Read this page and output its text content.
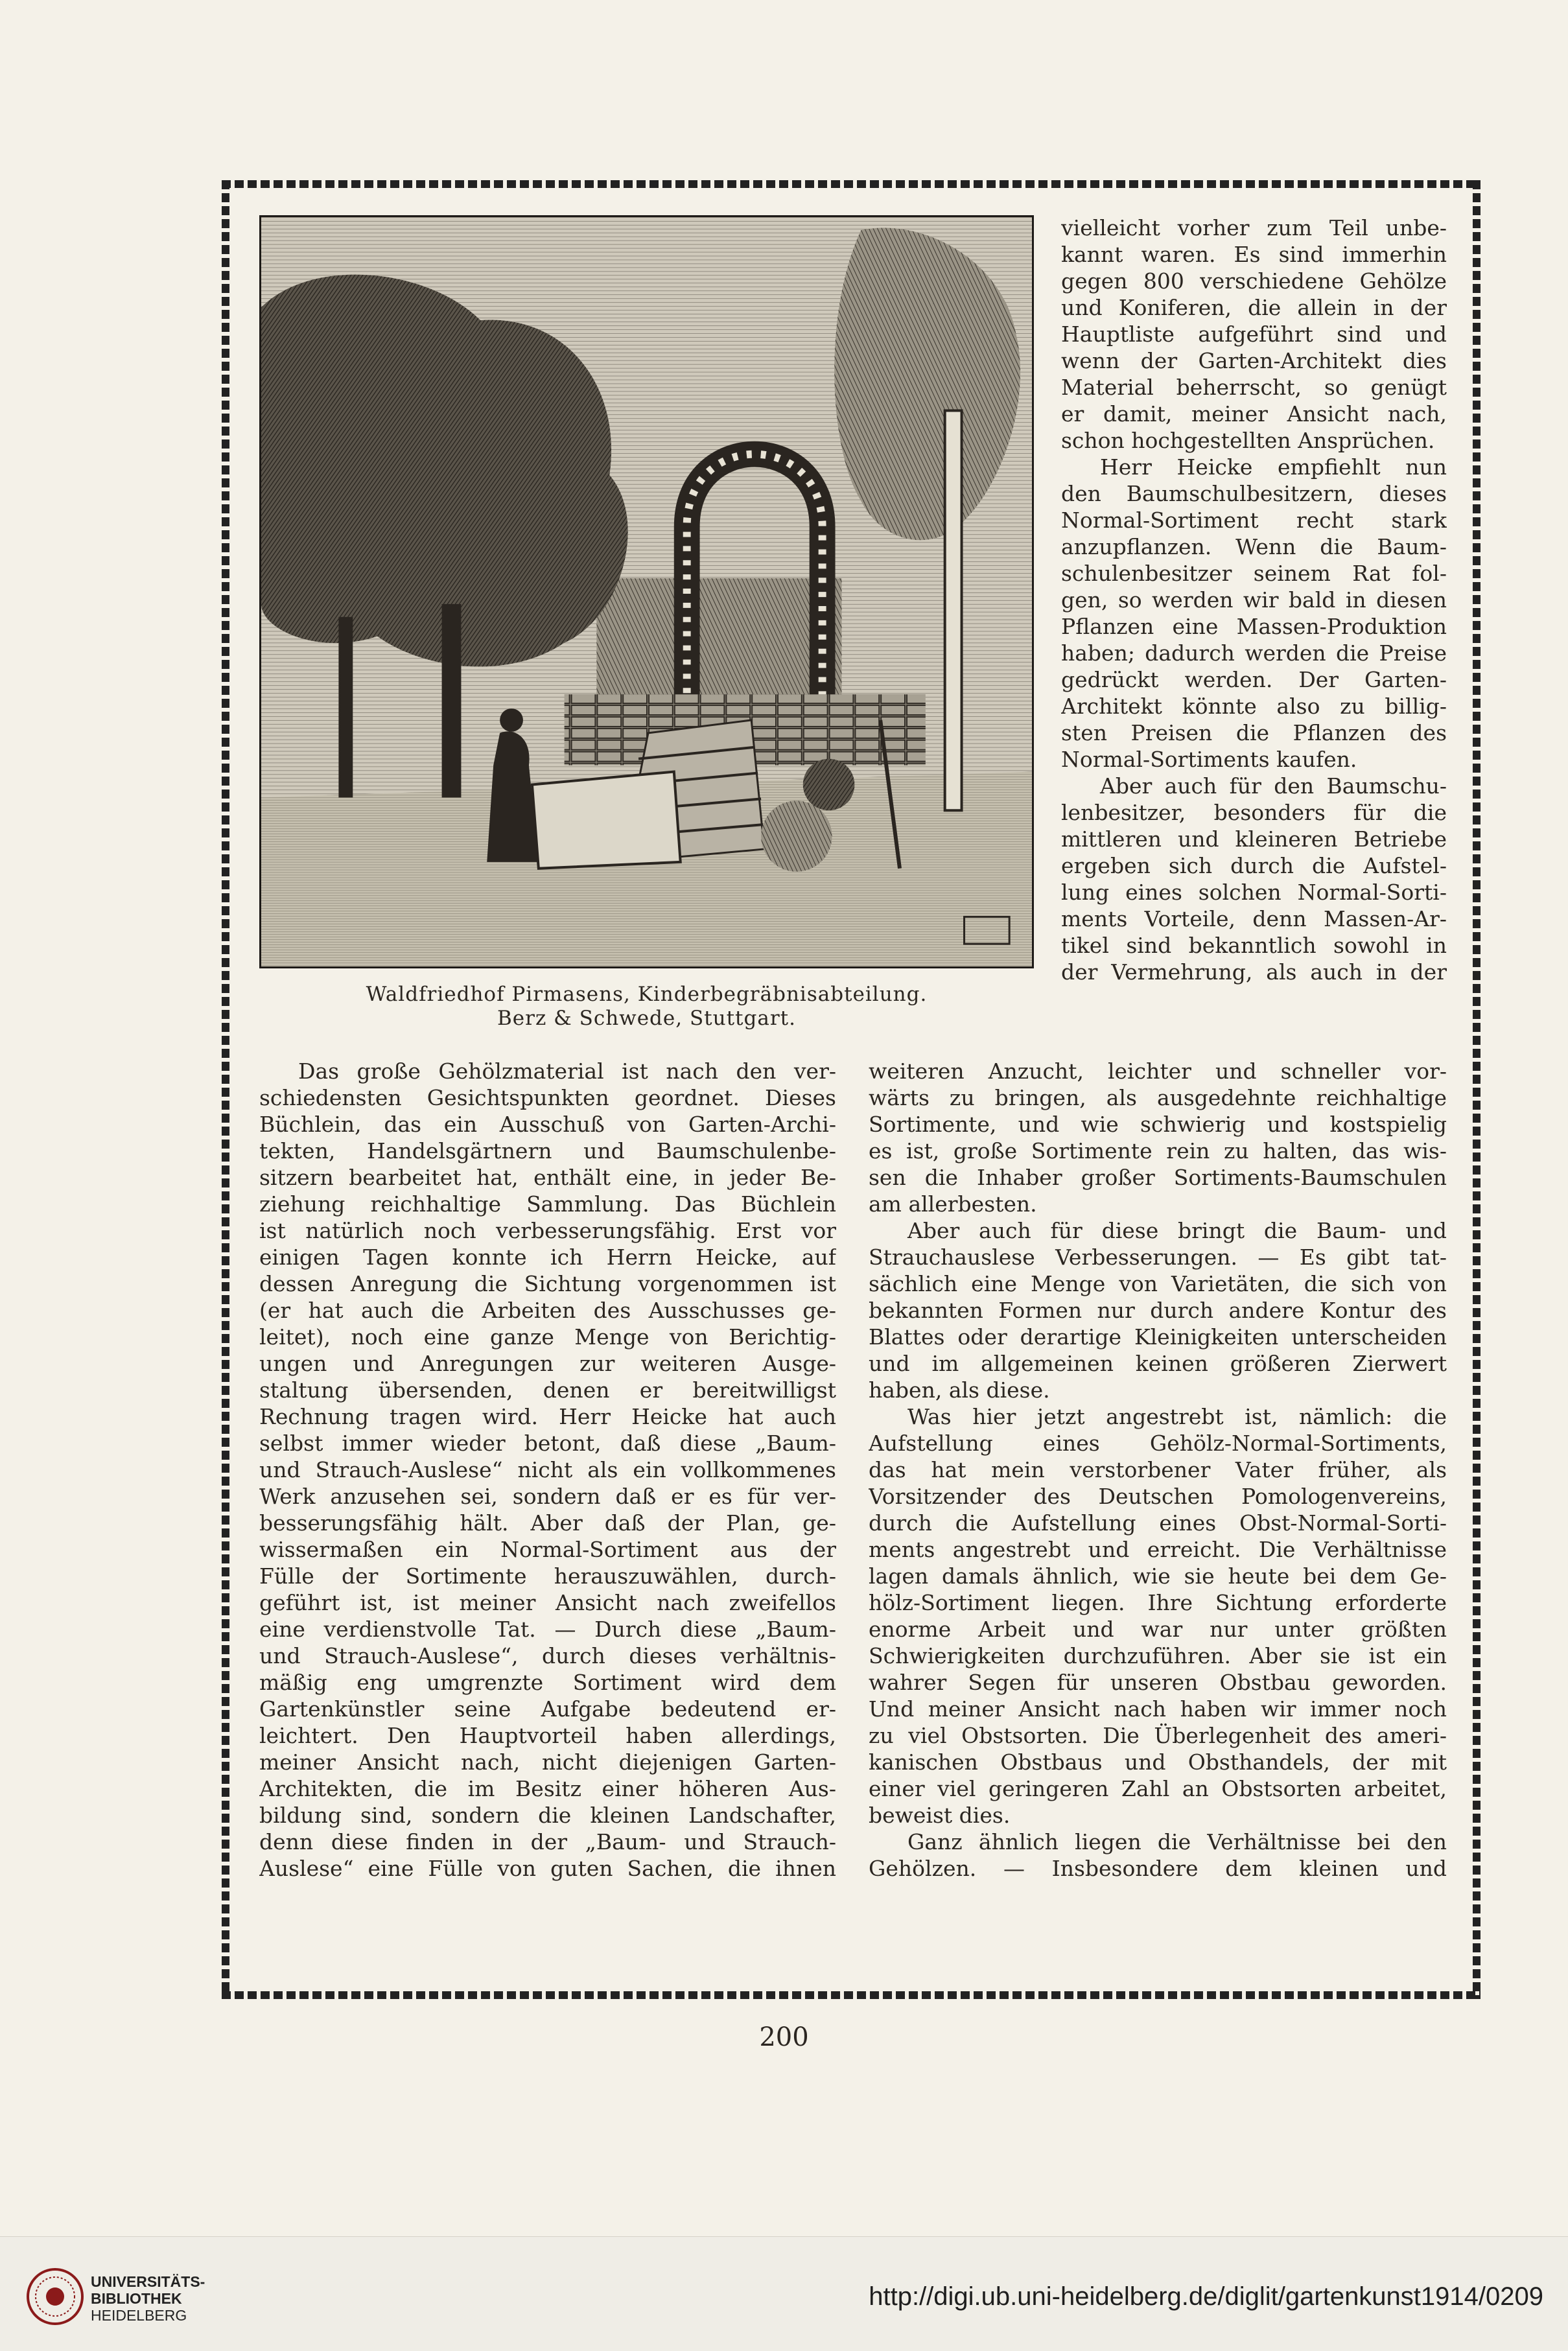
Waldfriedhof Pirmasens, Kinderbegräbnisabteilung.
Berz & Schwede, Stuttgart.
vielleicht vorher zum Teil unbe-
kannt waren. Es sind immerhin
gegen 800 verschiedene Gehölze
und Koniferen, die allein in der
Hauptliste aufgeführt sind und
wenn der Garten-Architekt dies
Material beherrscht, so genügt
er damit, meiner Ansicht nach,
schon hochgestellten Ansprüchen.
Herr Heicke empfiehlt nun
den Baumschulbesitzern, dieses
Normal-Sortiment recht stark
anzupflanzen. Wenn die Baum-
schulenbesitzer seinem Rat fol-
gen, so werden wir bald in diesen
Pflanzen eine Massen-Produktion
haben; dadurch werden die Preise
gedrückt werden. Der Garten-
Architekt könnte also zu billig-
sten Preisen die Pflanzen des
Normal-Sortiments kaufen.
Aber auch für den Baumschu-
lenbesitzer, besonders für die
mittleren und kleineren Betriebe
ergeben sich durch die Aufstel-
lung eines solchen Normal-Sorti-
ments Vorteile, denn Massen-Ar-
tikel sind bekanntlich sowohl in
der Vermehrung, als auch in der
Das große Gehölzmaterial ist nach den ver-
schiedensten Gesichtspunkten geordnet. Dieses
Büchlein, das ein Ausschuß von Garten-Archi-
tekten, Handelsgärtnern und Baumschulenbe-
sitzern bearbeitet hat, enthält eine, in jeder Be-
ziehung reichhaltige Sammlung. Das Büchlein
ist natürlich noch verbesserungsfähig. Erst vor
einigen Tagen konnte ich Herrn Heicke, auf
dessen Anregung die Sichtung vorgenommen ist
(er hat auch die Arbeiten des Ausschusses ge-
leitet), noch eine ganze Menge von Berichtig-
ungen und Anregungen zur weiteren Ausge-
staltung übersenden, denen er bereitwilligst
Rechnung tragen wird. Herr Heicke hat auch
selbst immer wieder betont, daß diese „Baum-
und Strauch-Auslese“ nicht als ein vollkommenes
Werk anzusehen sei, sondern daß er es für ver-
besserungsfähig hält. Aber daß der Plan, ge-
wissermaßen ein Normal-Sortiment aus der
Fülle der Sortimente herauszuwählen, durch-
geführt ist, ist meiner Ansicht nach zweifellos
eine verdienstvolle Tat. — Durch diese „Baum-
und Strauch-Auslese“, durch dieses verhältnis-
mäßig eng umgrenzte Sortiment wird dem
Gartenkünstler seine Aufgabe bedeutend er-
leichtert. Den Hauptvorteil haben allerdings,
meiner Ansicht nach, nicht diejenigen Garten-
Architekten, die im Besitz einer höheren Aus-
bildung sind, sondern die kleinen Landschafter,
denn diese finden in der „Baum- und Strauch-
Auslese“ eine Fülle von guten Sachen, die ihnen
weiteren Anzucht, leichter und schneller vor-
wärts zu bringen, als ausgedehnte reichhaltige
Sortimente, und wie schwierig und kostspielig
es ist, große Sortimente rein zu halten, das wis-
sen die Inhaber großer Sortiments-Baumschulen
am allerbesten.
Aber auch für diese bringt die Baum- und
Strauchauslese Verbesserungen. — Es gibt tat-
sächlich eine Menge von Varietäten, die sich von
bekannten Formen nur durch andere Kontur des
Blattes oder derartige Kleinigkeiten unterscheiden
und im allgemeinen keinen größeren Zierwert
haben, als diese.
Was hier jetzt angestrebt ist, nämlich: die
Aufstellung eines Gehölz-Normal-Sortiments,
das hat mein verstorbener Vater früher, als
Vorsitzender des Deutschen Pomologenvereins,
durch die Aufstellung eines Obst-Normal-Sorti-
ments angestrebt und erreicht. Die Verhältnisse
lagen damals ähnlich, wie sie heute bei dem Ge-
hölz-Sortiment liegen. Ihre Sichtung erforderte
enorme Arbeit und war nur unter größten
Schwierigkeiten durchzuführen. Aber sie ist ein
wahrer Segen für unseren Obstbau geworden.
Und meiner Ansicht nach haben wir immer noch
zu viel Obstsorten. Die Überlegenheit des ameri-
kanischen Obstbaus und Obsthandels, der mit
einer viel geringeren Zahl an Obstsorten arbeitet,
beweist dies.
Ganz ähnlich liegen die Verhältnisse bei den
Gehölzen. — Insbesondere dem kleinen und
200
UNIVERSITÄTS-
BIBLIOTHEK
HEIDELBERG
http://digi.ub.uni-heidelberg.de/diglit/gartenkunst1914/0209
